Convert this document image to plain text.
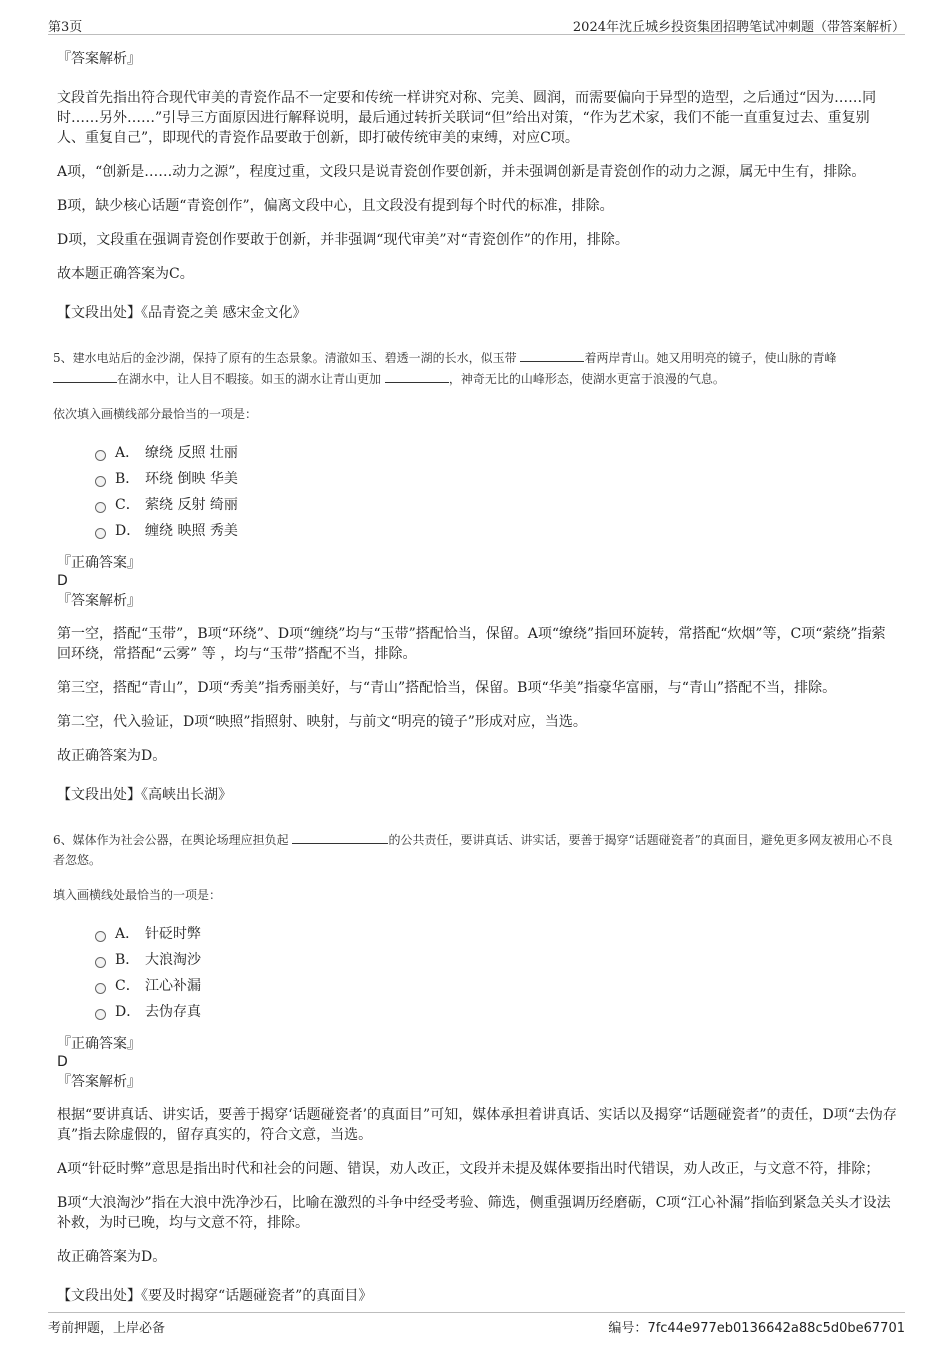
第3页	2024年沈丘城乡投资集团招聘笔试冲刺题（带答案解析）
『答案解析』

文段首先指出符合现代审美的青瓷作品不一定要和传统一样讲究对称、完美、圆润，而需要偏向于异型的造型，之后通过“因为……同时……另外……”引导三方面原因进行解释说明，最后通过转折关联词“但”给出对策，“作为艺术家，我们不能一直重复过去、重复别人、重复自己”，即现代的青瓷作品要敢于创新，即打破传统审美的束缚，对应C项。

A项，“创新是……动力之源”，程度过重，文段只是说青瓷创作要创新，并未强调创新是青瓷创作的动力之源，属无中生有，排除。

B项，缺少核心话题“青瓷创作”，偏离文段中心，且文段没有提到每个时代的标准，排除。

D项，文段重在强调青瓷创作要敢于创新，并非强调“现代审美”对“青瓷创作”的作用，排除。

故本题正确答案为C。

【文段出处】《品青瓷之美 感宋金文化》
5、建水电站后的金沙湖，保持了原有的生态景象。清澈如玉、碧透一湖的长水，似玉带	着两岸青山。她又用明亮的镜子，使山脉的青峰 在湖水中，让人目不暇接。如玉的湖水让青山更加	，神奇无比的山峰形态，使湖水更富于浪漫的气息。
依次填入画横线部分最恰当的一项是：
A． 缭绕 反照 壮丽
B． 环绕 倒映 华美
C． 萦绕 反射 绮丽
D． 缠绕 映照 秀美
『正确答案』
D
『答案解析』

第一空，搭配“玉带”，B项“环绕”、D项“缠绕”均与“玉带”搭配恰当，保留。A项“缭绕”指回环旋转，常搭配“炊烟”等，C项“萦绕”指萦回环绕，常搭配“云雾” 等 ，均与“玉带”搭配不当，排除。

第三空，搭配“青山”，D项“秀美”指秀丽美好，与“青山”搭配恰当，保留。B项“华美”指豪华富丽，与“青山”搭配不当，排除。

第二空，代入验证，D项“映照”指照射、映射，与前文“明亮的镜子”形成对应，当选。

故正确答案为D。

【文段出处】《高峡出长湖》
6、媒体作为社会公器，在舆论场理应担负起	的公共责任，要讲真话、讲实话，要善于揭穿“话题碰瓷者”的真面目，避免更多网友被用心不良者忽悠。
填入画横线处最恰当的一项是：
A． 针砭时弊
B． 大浪淘沙
C． 江心补漏
D． 去伪存真
『正确答案』
D
『答案解析』

根据“要讲真话、讲实话，要善于揭穿‘话题碰瓷者’的真面目”可知，媒体承担着讲真话、实话以及揭穿“话题碰瓷者”的责任，D项“去伪存真”指去除虚假的，留存真实的，符合文意，当选。

A项“针砭时弊”意思是指出时代和社会的问题、错误，劝人改正，文段并未提及媒体要指出时代错误，劝人改正，与文意不符，排除；

B项“大浪淘沙”指在大浪中洗净沙石，比喻在激烈的斗争中经受考验、筛选，侧重强调历经磨砺，C项“江心补漏”指临到紧急关头才设法补救，为时已晚，均与文意不符，排除。

故正确答案为D。

【文段出处】《要及时揭穿“话题碰瓷者”的真面目》
考前押题，上岸必备	编号：7fc44e977eb0136642a88c5d0be67701
